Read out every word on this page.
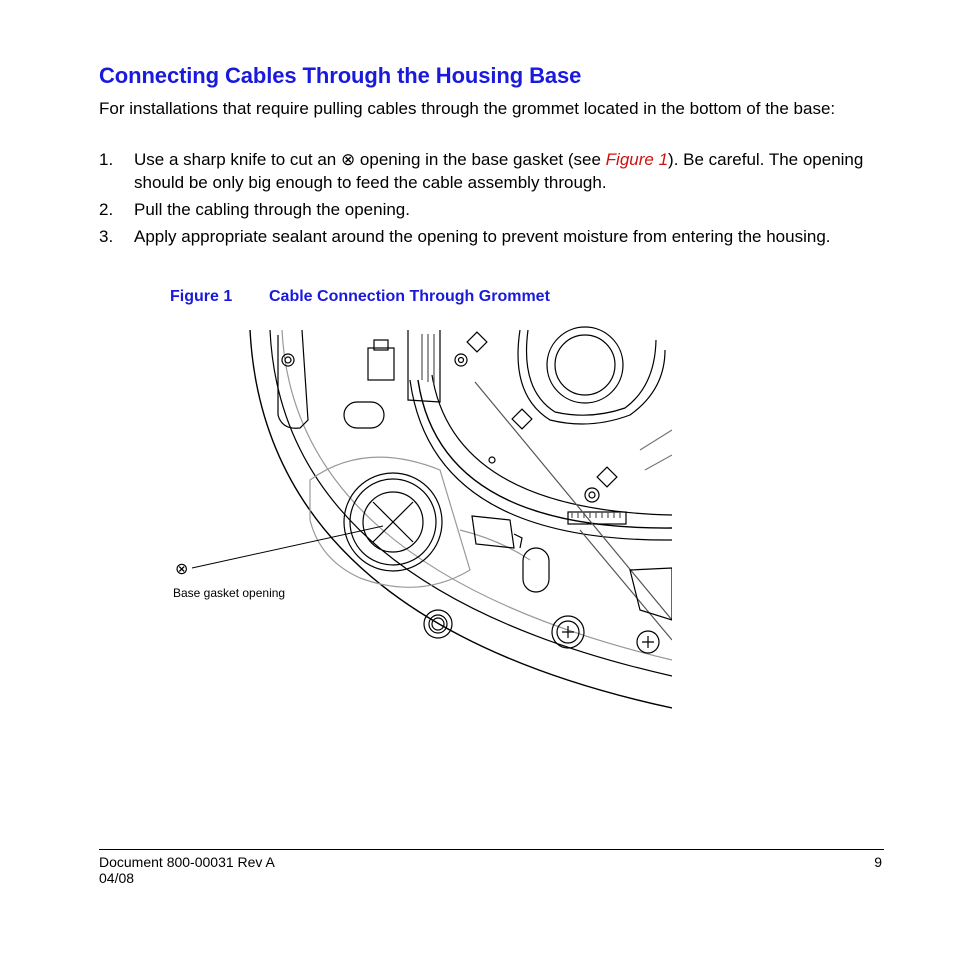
Connecting Cables Through the Housing Base

For installations that require pulling cables through the grommet located in the bottom of the base:

1. Use a sharp knife to cut an ⊗ opening in the base gasket (see Figure 1). Be careful. The opening should be only big enough to feed the cable assembly through.
2. Pull the cabling through the opening.
3. Apply appropriate sealant around the opening to prevent moisture from entering the housing.
Figure 1 Cable Connection Through Grommet
⊗
Base gasket opening
Document 800-00031 Rev A
04/08
9
